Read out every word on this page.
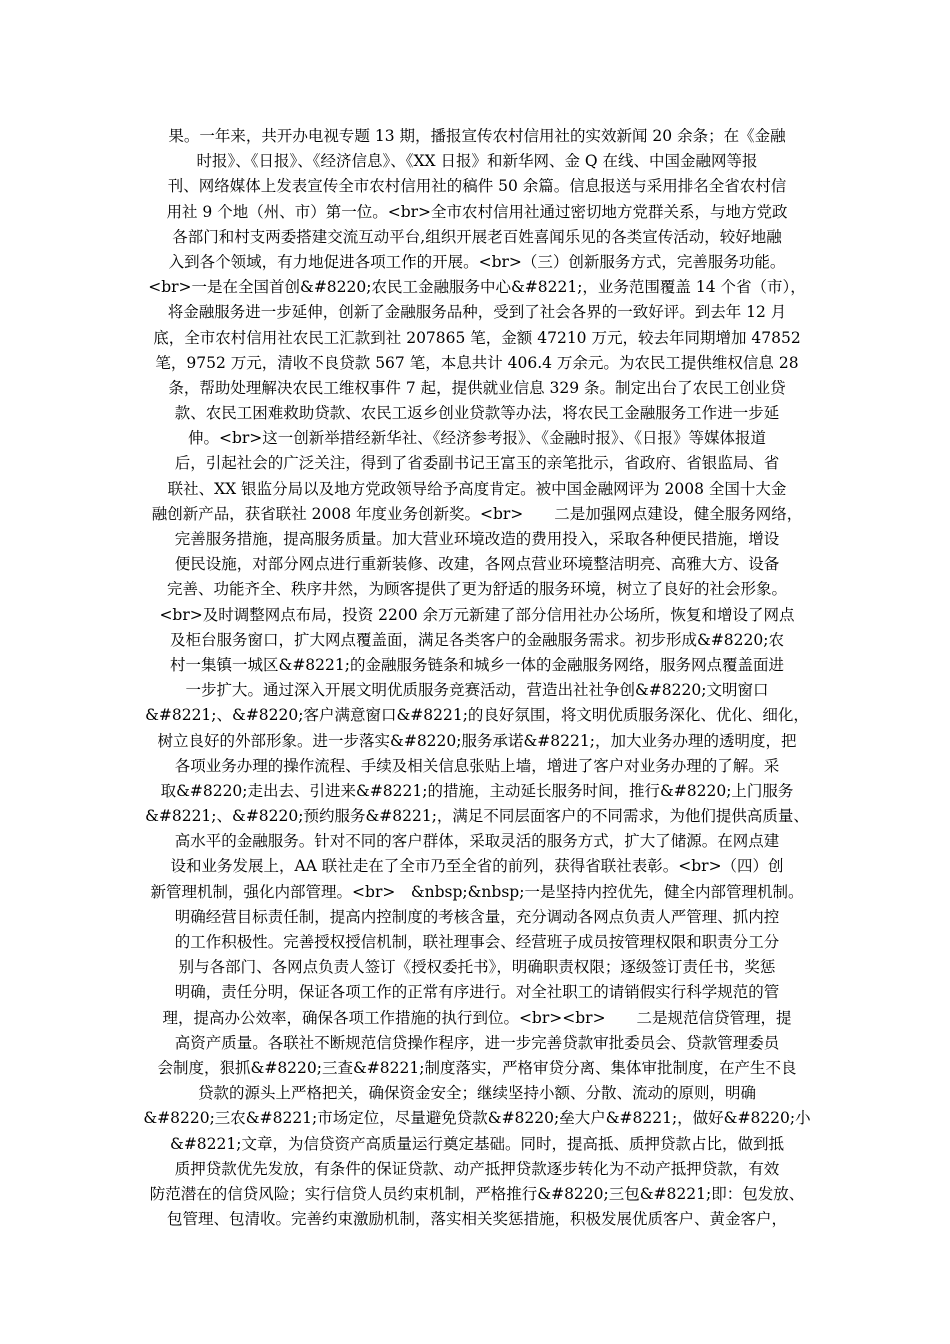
果。一年来，共开办电视专题 13 期，播报宣传农村信用社的实效新闻 20 余条；在《金融
时报》、《日报》、《经济信息》、《XX 日报》和新华网、金 Q 在线、中国金融网等报
刊、网络媒体上发表宣传全市农村信用社的稿件 50 余篇。信息报送与采用排名全省农村信
用社 9 个地（州、市）第一位。<br>全市农村信用社通过密切地方党群关系，与地方党政
各部门和村支两委搭建交流互动平台,组织开展老百姓喜闻乐见的各类宣传活动，较好地融
入到各个领域，有力地促进各项工作的开展。<br>（三）创新服务方式，完善服务功能。
<br>一是在全国首创&#8220;农民工金融服务中心&#8221;，业务范围覆盖 14 个省（市），
将金融服务进一步延伸，创新了金融服务品种，受到了社会各界的一致好评。到去年 12 月
底，全市农村信用社农民工汇款到社 207865 笔，金额 47210 万元，较去年同期增加 47852
笔，9752 万元，清收不良贷款 567 笔，本息共计 406.4 万余元。为农民工提供维权信息 28
条，帮助处理解决农民工维权事件 7 起，提供就业信息 329 条。制定出台了农民工创业贷
款、农民工困难救助贷款、农民工返乡创业贷款等办法，将农民工金融服务工作进一步延
伸。<br>这一创新举措经新华社、《经济参考报》、《金融时报》、《日报》等媒体报道
后，引起社会的广泛关注，得到了省委副书记王富玉的亲笔批示，省政府、省银监局、省
联社、XX 银监分局以及地方党政领导给予高度肯定。被中国金融网评为 2008 全国十大金
融创新产品，获省联社 2008 年度业务创新奖。<br>　　二是加强网点建设，健全服务网络，
完善服务措施，提高服务质量。加大营业环境改造的费用投入，采取各种便民措施，增设
便民设施，对部分网点进行重新装修、改建，各网点营业环境整洁明亮、高雅大方、设备
完善、功能齐全、秩序井然，为顾客提供了更为舒适的服务环境，树立了良好的社会形象。
<br>及时调整网点布局，投资 2200 余万元新建了部分信用社办公场所，恢复和增设了网点
及柜台服务窗口，扩大网点覆盖面，满足各类客户的金融服务需求。初步形成&#8220;农
村一集镇一城区&#8221;的金融服务链条和城乡一体的金融服务网络，服务网点覆盖面进
一步扩大。通过深入开展文明优质服务竞赛活动，营造出社社争创&#8220;文明窗口
&#8221;、&#8220;客户满意窗口&#8221;的良好氛围，将文明优质服务深化、优化、细化，
树立良好的外部形象。进一步落实&#8220;服务承诺&#8221;，加大业务办理的透明度，把
各项业务办理的操作流程、手续及相关信息张贴上墙，增进了客户对业务办理的了解。采
取&#8220;走出去、引进来&#8221;的措施，主动延长服务时间，推行&#8220;上门服务
&#8221;、&#8220;预约服务&#8221;，满足不同层面客户的不同需求，为他们提供高质量、
高水平的金融服务。针对不同的客户群体，采取灵活的服务方式，扩大了储源。在网点建
设和业务发展上，AA 联社走在了全市乃至全省的前列，获得省联社表彰。<br>（四）创
新管理机制，强化内部管理。<br>　&nbsp;&nbsp;一是坚持内控优先，健全内部管理机制。
明确经营目标责任制，提高内控制度的考核含量，充分调动各网点负责人严管理、抓内控
的工作积极性。完善授权授信机制，联社理事会、经营班子成员按管理权限和职责分工分
别与各部门、各网点负责人签订《授权委托书》，明确职责权限；逐级签订责任书，奖惩
明确，责任分明，保证各项工作的正常有序进行。对全社职工的请销假实行科学规范的管
理，提高办公效率，确保各项工作措施的执行到位。<br><br>　　二是规范信贷管理，提
高资产质量。各联社不断规范信贷操作程序，进一步完善贷款审批委员会、贷款管理委员
会制度，狠抓&#8220;三查&#8221;制度落实，严格审贷分离、集体审批制度，在产生不良
贷款的源头上严格把关，确保资金安全；继续坚持小额、分散、流动的原则，明确
&#8220;三农&#8221;市场定位，尽量避免贷款&#8220;垒大户&#8221;，做好&#8220;小
&#8221;文章，为信贷资产高质量运行奠定基础。同时，提高抵、质押贷款占比，做到抵
质押贷款优先发放，有条件的保证贷款、动产抵押贷款逐步转化为不动产抵押贷款，有效
防范潜在的信贷风险；实行信贷人员约束机制，严格推行&#8220;三包&#8221;即：包发放、
包管理、包清收。完善约束激励机制，落实相关奖惩措施，积极发展优质客户、黄金客户，
